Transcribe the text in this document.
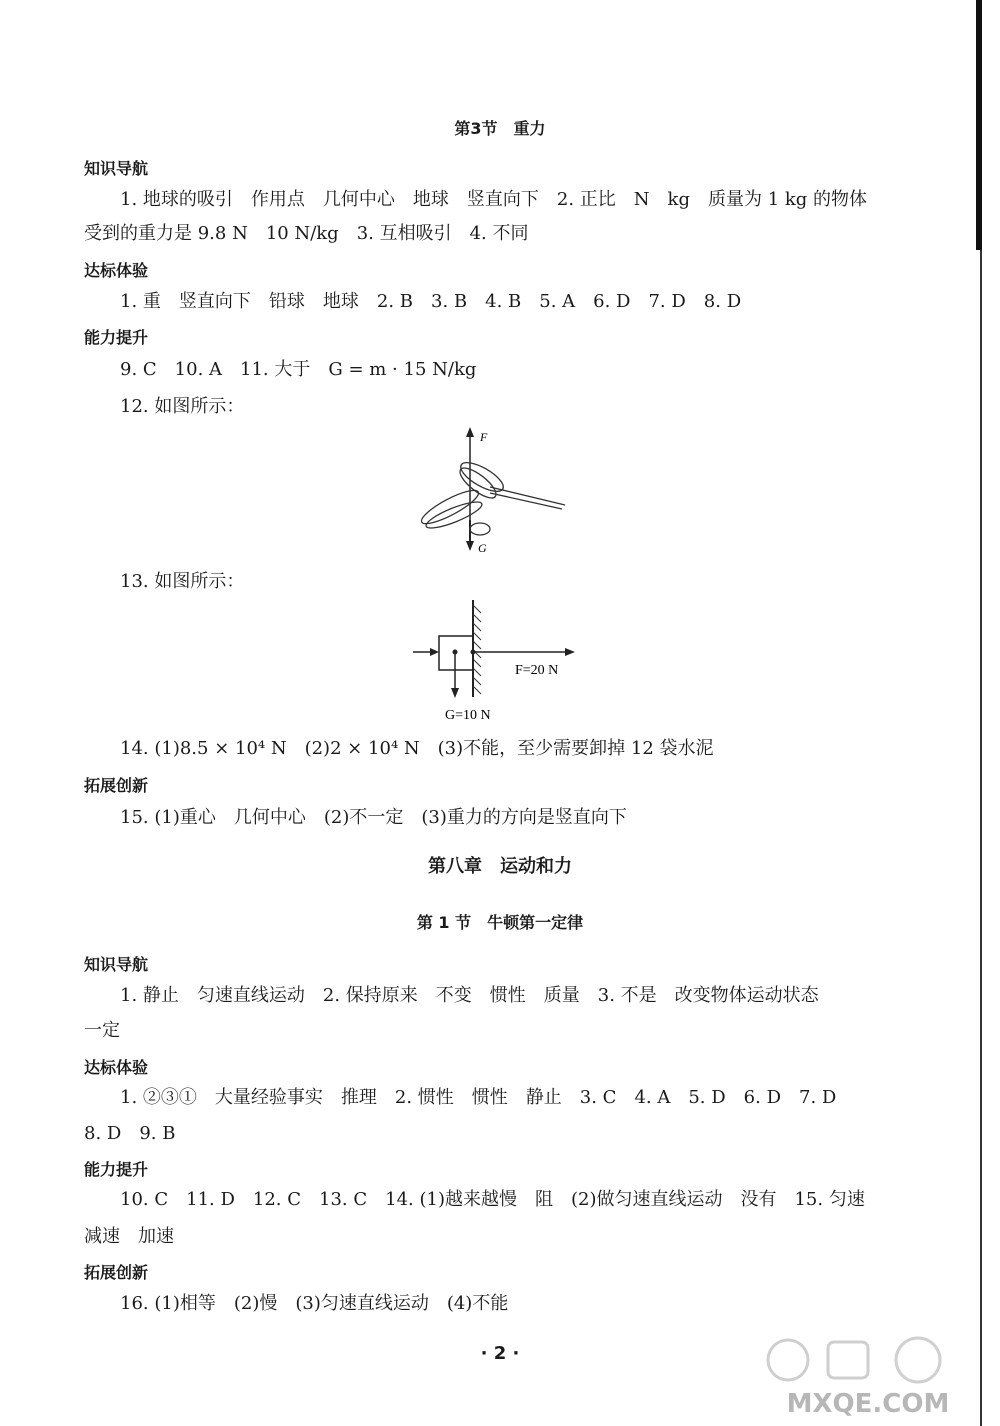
第3节　重力
知识导航
1. 地球的吸引　作用点　几何中心　地球　竖直向下　2. 正比　N　kg　质量为 1 kg 的物体
受到的重力是 9.8 N　10 N/kg　3. 互相吸引　4. 不同
达标体验
1. 重　竖直向下　铅球　地球　2. B　3. B　4. B　5. A　6. D　7. D　8. D
能力提升
9. C　10. A　11. 大于　G = m · 15 N/kg
12. 如图所示：
F
G
13. 如图所示：
F=20 N
G=10 N
14. (1)8.5 × 10⁴ N　(2)2 × 10⁴ N　(3)不能，至少需要卸掉 12 袋水泥
拓展创新
15. (1)重心　几何中心　(2)不一定　(3)重力的方向是竖直向下
第八章　运动和力
第 1 节　牛顿第一定律
知识导航
1. 静止　匀速直线运动　2. 保持原来　不变　惯性　质量　3. 不是　改变物体运动状态
一定
达标体验
1. ②③①　大量经验事实　推理　2. 惯性　惯性　静止　3. C　4. A　5. D　6. D　7. D
8. D　9. B
能力提升
10. C　11. D　12. C　13. C　14. (1)越来越慢　阻　(2)做匀速直线运动　没有　15. 匀速
减速　加速
拓展创新
16. (1)相等　(2)慢　(3)匀速直线运动　(4)不能
· 2 ·
MXQE.COM
